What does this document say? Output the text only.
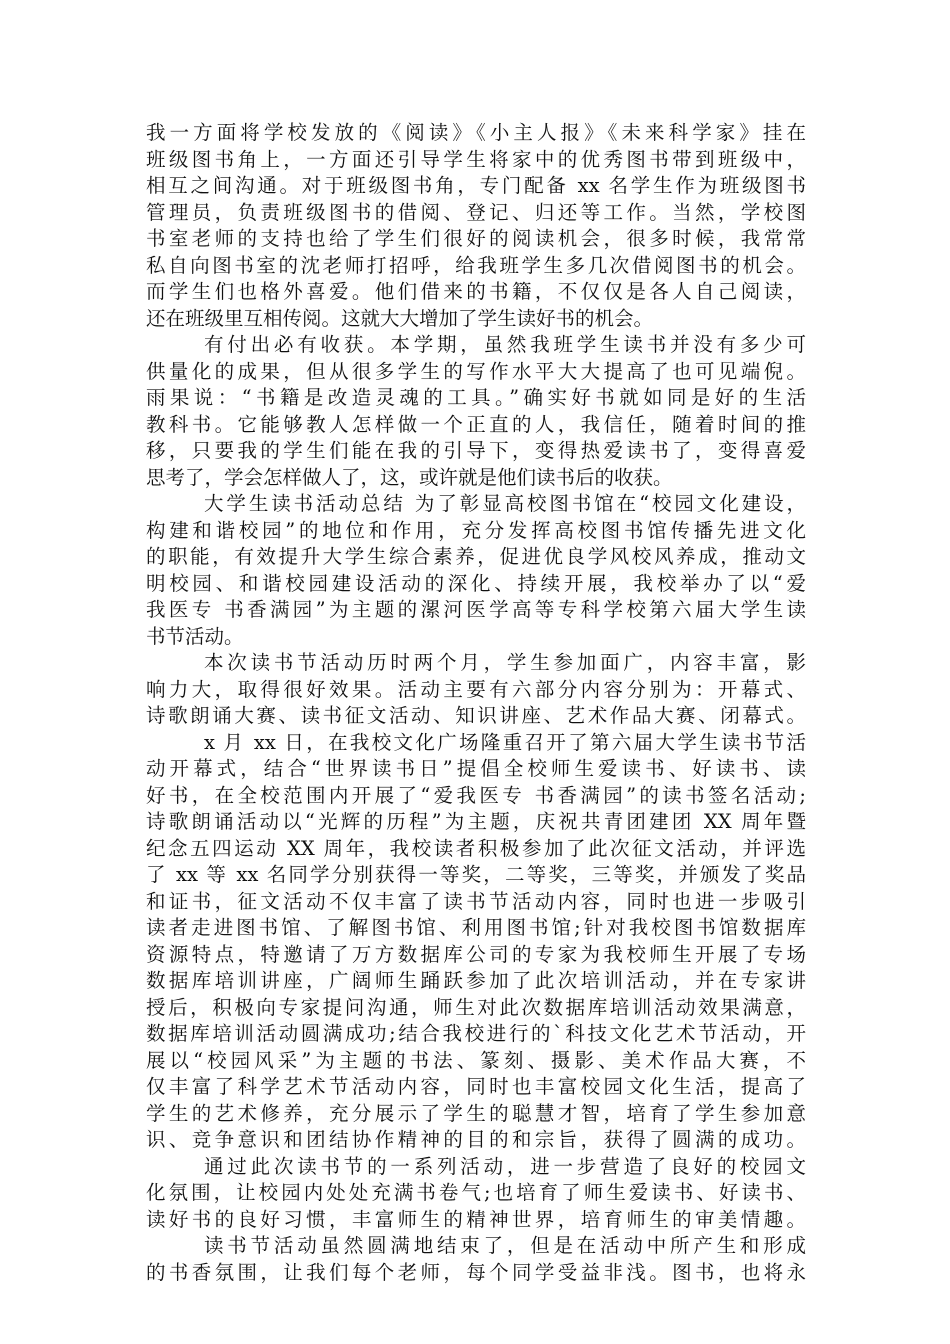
我一方面将学校发放的《阅读》《小主人报》《未来科学家》挂在
班级图书角上，一方面还引导学生将家中的优秀图书带到班级中，
相互之间沟通。对于班级图书角，专门配备 xx 名学生作为班级图书
管理员，负责班级图书的借阅、登记、归还等工作。当然，学校图
书室老师的支持也给了学生们很好的阅读机会，很多时候，我常常
私自向图书室的沈老师打招呼，给我班学生多几次借阅图书的机会。
而学生们也格外喜爱。他们借来的书籍，不仅仅是各人自己阅读，
还在班级里互相传阅。这就大大增加了学生读好书的机会。
有付出必有收获。本学期，虽然我班学生读书并没有多少可
供量化的成果，但从很多学生的写作水平大大提高了也可见端倪。
雨果说：“书籍是改造灵魂的工具。”确实好书就如同是好的生活
教科书。它能够教人怎样做一个正直的人，我信任，随着时间的推
移，只要我的学生们能在我的引导下，变得热爱读书了，变得喜爱
思考了，学会怎样做人了，这，或许就是他们读书后的收获。
大学生读书活动总结 为了彰显高校图书馆在“校园文化建设，
构建和谐校园”的地位和作用，充分发挥高校图书馆传播先进文化
的职能，有效提升大学生综合素养，促进优良学风校风养成，推动文
明校园、和谐校园建设活动的深化、持续开展，我校举办了以“爱
我医专 书香满园”为主题的漯河医学高等专科学校第六届大学生读
书节活动。
本次读书节活动历时两个月，学生参加面广，内容丰富，影
响力大，取得很好效果。活动主要有六部分内容分别为：开幕式、
诗歌朗诵大赛、读书征文活动、知识讲座、艺术作品大赛、闭幕式。
x 月 xx 日，在我校文化广场隆重召开了第六届大学生读书节活
动开幕式，结合“世界读书日”提倡全校师生爱读书、好读书、读
好书，在全校范围内开展了“爱我医专 书香满园”的读书签名活动;
诗歌朗诵活动以“光辉的历程”为主题，庆祝共青团建团 XX 周年暨
纪念五四运动 XX 周年，我校读者积极参加了此次征文活动，并评选
了 xx 等 xx 名同学分别获得一等奖，二等奖，三等奖，并颁发了奖品
和证书，征文活动不仅丰富了读书节活动内容，同时也进一步吸引
读者走进图书馆、了解图书馆、利用图书馆;针对我校图书馆数据库
资源特点，特邀请了万方数据库公司的专家为我校师生开展了专场
数据库培训讲座，广阔师生踊跃参加了此次培训活动，并在专家讲
授后，积极向专家提问沟通，师生对此次数据库培训活动效果满意，
数据库培训活动圆满成功;结合我校进行的`科技文化艺术节活动，开
展以“校园风采”为主题的书法、篆刻、摄影、美术作品大赛，不
仅丰富了科学艺术节活动内容，同时也丰富校园文化生活，提高了
学生的艺术修养，充分展示了学生的聪慧才智，培育了学生参加意
识、竞争意识和团结协作精神的目的和宗旨，获得了圆满的成功。
通过此次读书节的一系列活动，进一步营造了良好的校园文
化氛围，让校园内处处充满书卷气;也培育了师生爱读书、好读书、
读好书的良好习惯，丰富师生的精神世界，培育师生的审美情趣。
读书节活动虽然圆满地结束了，但是在活动中所产生和形成
的书香氛围，让我们每个老师，每个同学受益非浅。图书，也将永
